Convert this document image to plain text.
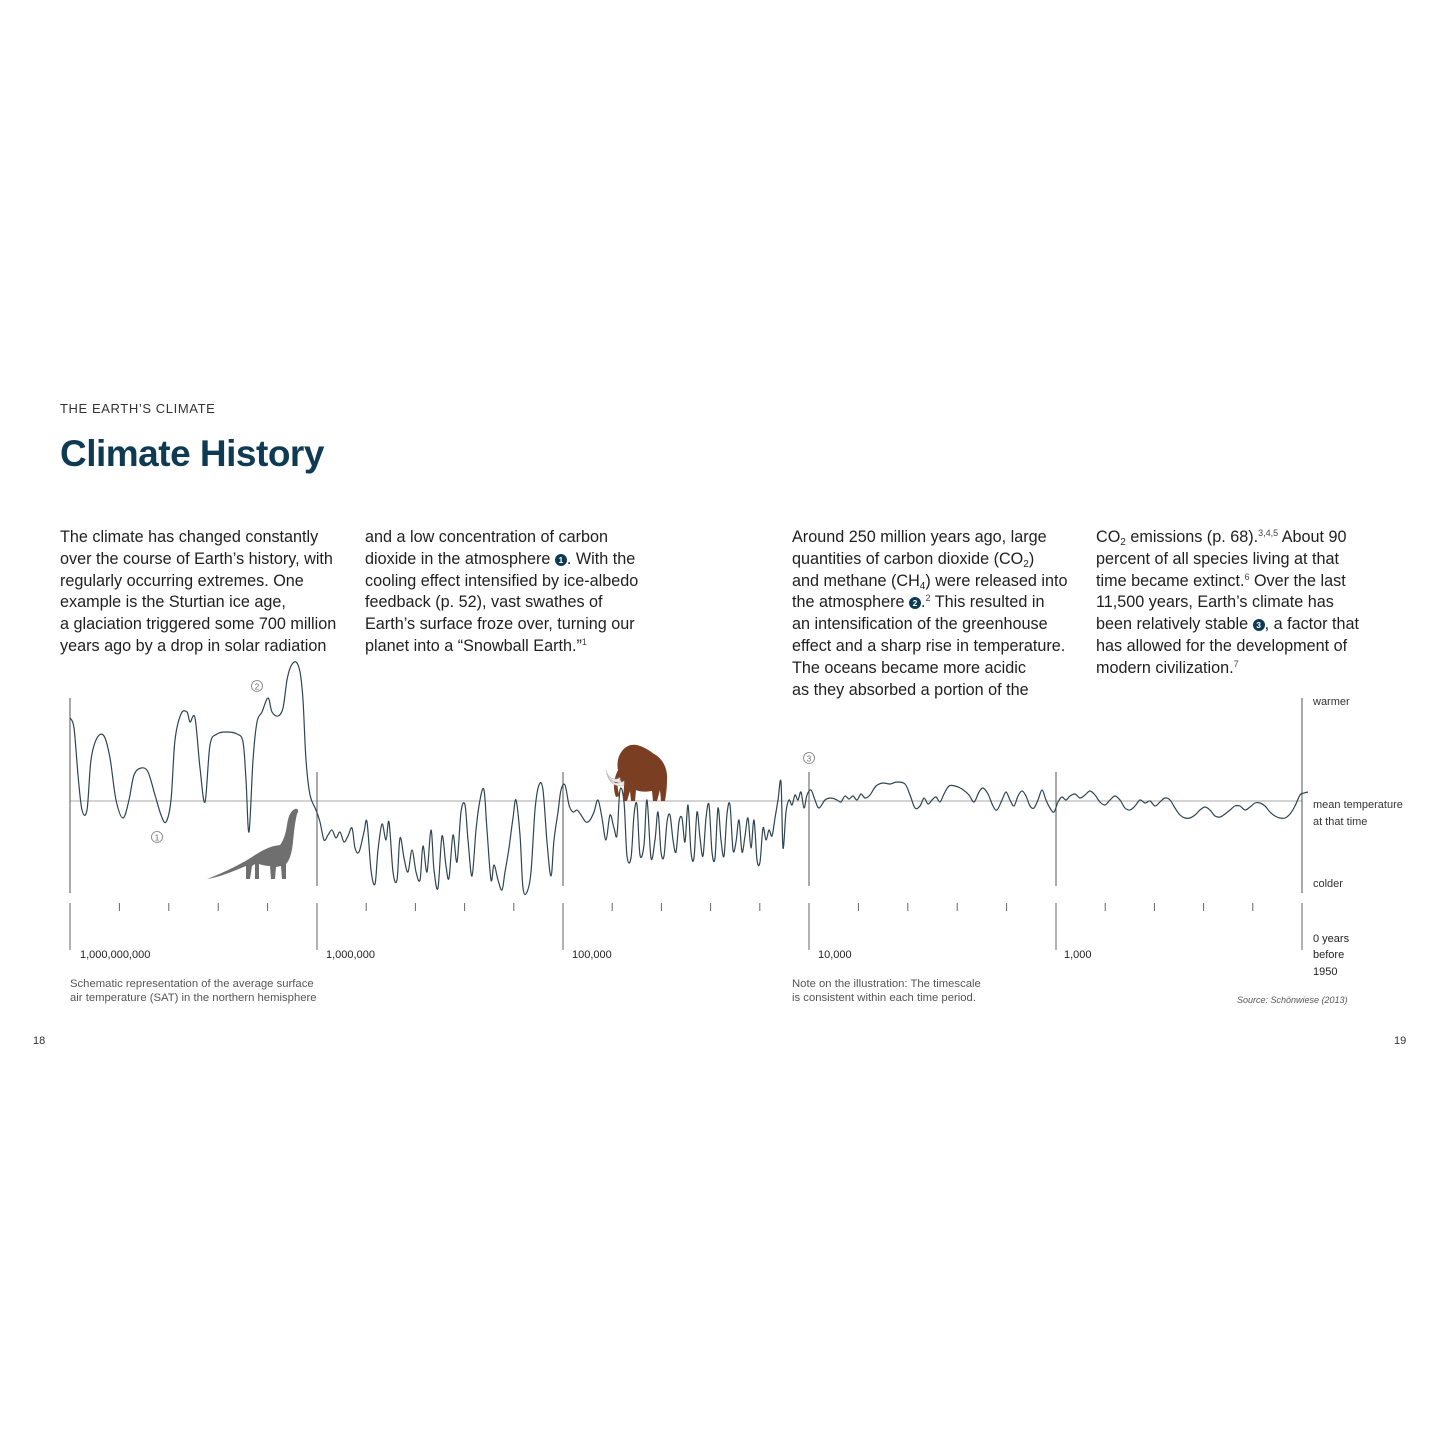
THE EARTH’S CLIMATE
Climate History

The climate has changed constantly

over the course of Earth’s history, with

regularly occurring extremes. One

example is the Sturtian ice age,

a glaciation triggered some 700 million

years ago by a drop in solar radiation

and a low concentration of carbon

dioxide in the atmosphere 1 . With the

cooling effect intensified by ice-albedo

feedback (p. 52), vast swathes of

Earth’s surface froze over, turning our

planet into a “Snowball Earth.”$^1$

Around 250 million years ago, large

quantities of carbon dioxide $(CO_2)$

and methane $(CH_4)$ were released into

the atmosphere 2 .$^2$ This resulted in

an intensification of the greenhouse

effect and a sharp rise in temperature.

The oceans became more acidic

as they absorbed a portion of the

$CO_2$ emissions (p. 68).$^{3,4,5}$ About 90

percent of all species living at that

time became extinct.$^6$ Over the last

11,500 years, Earth’s climate has

been relatively stable 3 , a factor that

has allowed for the development of

modern civilization.$^7$

1
2
3
warmer
mean temperature
at that time
colder
1,000,000,000	1,000,000	100,000	10,000	1,000
0 years
before
1950
Schematic representation of the average surface
air temperature (SAT) in the northern hemisphere
Note on the illustration: The timescale
is consistent within each time period.	Source: Schönwiese (2013)
18	19
